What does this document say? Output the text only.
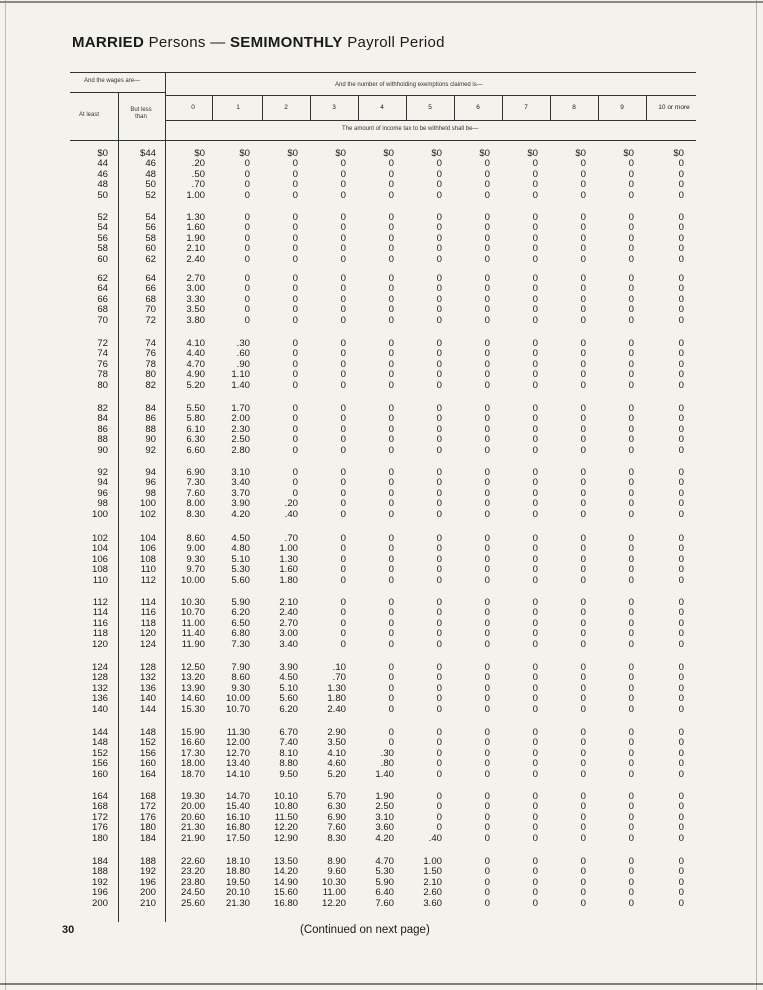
MARRIED Persons — SEMIMONTHLY Payroll Period
And the wages are—
And the number of withholding exemptions claimed is—
At least
But less than
The amount of income tax to be withheld shall be—
0	1	2	3	4	5	6	7	8	9	10 or more
$0	$44	$0	$0	$0	$0	$0	$0	$0	$0	$0	$0	$0
44	46	.20	0	0	0	0	0	0	0	0	0	0
46	48	.50	0	0	0	0	0	0	0	0	0	0
48	50	.70	0	0	0	0	0	0	0	0	0	0
50	52	1.00	0	0	0	0	0	0	0	0	0	0
52	54	1.30	0	0	0	0	0	0	0	0	0	0
54	56	1.60	0	0	0	0	0	0	0	0	0	0
56	58	1.90	0	0	0	0	0	0	0	0	0	0
58	60	2.10	0	0	0	0	0	0	0	0	0	0
60	62	2.40	0	0	0	0	0	0	0	0	0	0
62	64	2.70	0	0	0	0	0	0	0	0	0	0
64	66	3.00	0	0	0	0	0	0	0	0	0	0
66	68	3.30	0	0	0	0	0	0	0	0	0	0
68	70	3.50	0	0	0	0	0	0	0	0	0	0
70	72	3.80	0	0	0	0	0	0	0	0	0	0
72	74	4.10	.30	0	0	0	0	0	0	0	0	0
74	76	4.40	.60	0	0	0	0	0	0	0	0	0
76	78	4.70	.90	0	0	0	0	0	0	0	0	0
78	80	4.90	1.10	0	0	0	0	0	0	0	0	0
80	82	5.20	1.40	0	0	0	0	0	0	0	0	0
82	84	5.50	1.70	0	0	0	0	0	0	0	0	0
84	86	5.80	2.00	0	0	0	0	0	0	0	0	0
86	88	6.10	2.30	0	0	0	0	0	0	0	0	0
88	90	6.30	2.50	0	0	0	0	0	0	0	0	0
90	92	6.60	2.80	0	0	0	0	0	0	0	0	0
92	94	6.90	3.10	0	0	0	0	0	0	0	0	0
94	96	7.30	3.40	0	0	0	0	0	0	0	0	0
96	98	7.60	3.70	0	0	0	0	0	0	0	0	0
98	100	8.00	3.90	.20	0	0	0	0	0	0	0	0
100	102	8.30	4.20	.40	0	0	0	0	0	0	0	0
102	104	8.60	4.50	.70	0	0	0	0	0	0	0	0
104	106	9.00	4.80	1.00	0	0	0	0	0	0	0	0
106	108	9.30	5.10	1.30	0	0	0	0	0	0	0	0
108	110	9.70	5.30	1.60	0	0	0	0	0	0	0	0
110	112	10.00	5.60	1.80	0	0	0	0	0	0	0	0
112	114	10.30	5.90	2.10	0	0	0	0	0	0	0	0
114	116	10.70	6.20	2.40	0	0	0	0	0	0	0	0
116	118	11.00	6.50	2.70	0	0	0	0	0	0	0	0
118	120	11.40	6.80	3.00	0	0	0	0	0	0	0	0
120	124	11.90	7.30	3.40	0	0	0	0	0	0	0	0
124	128	12.50	7.90	3.90	.10	0	0	0	0	0	0	0
128	132	13.20	8.60	4.50	.70	0	0	0	0	0	0	0
132	136	13.90	9.30	5.10	1.30	0	0	0	0	0	0	0
136	140	14.60 10.00	5.60	1.80	0	0	0	0	0	0	0
140	144	15.30 10.70	6.20	2.40	0	0	0	0	0	0	0
144	148	15.90 11.30	6.70	2.90	0	0	0	0	0	0	0
148	152	16.60 12.00	7.40	3.50	0	0	0	0	0	0	0
152	156	17.30 12.70	8.10	4.10	.30	0	0	0	0	0	0
156	160	18.00 13.40	8.80	4.60	.80	0	0	0	0	0	0
160	164	18.70 14.10	9.50	5.20	1.40	0	0	0	0	0	0
164	168	19.30 14.70 10.10	5.70	1.90	0	0	0	0	0	0
168	172	20.00 15.40 10.80	6.30	2.50	0	0	0	0	0	0
172	176	20.60 16.10	11.50	6.90	3.10	0	0	0	0	0	0
176	180	21.30 16.80 12.20	7.60	3.60	0	0	0	0	0	0
180	184	21.90 17.50 12.90	8.30	4.20	.40	0	0	0	0	0
184	188	22.60 18.10 13.50	8.90	4.70	1.00	0	0	0	0	0
188	192	23.20 18.80 14.20	9.60	5.30	1.50	0	0	0	0	0
192	196	23.80 19.50 14.90 10.30	5.90	2.10	0	0	0	0	0
196	200	24.50 20.10 15.60	11.00	6.40	2.60	0	0	0	0	0
200	210	25.60 21.30 16.80 12.20	7.60	3.60	0	0	0	0	0
30	(Continued on next page)
